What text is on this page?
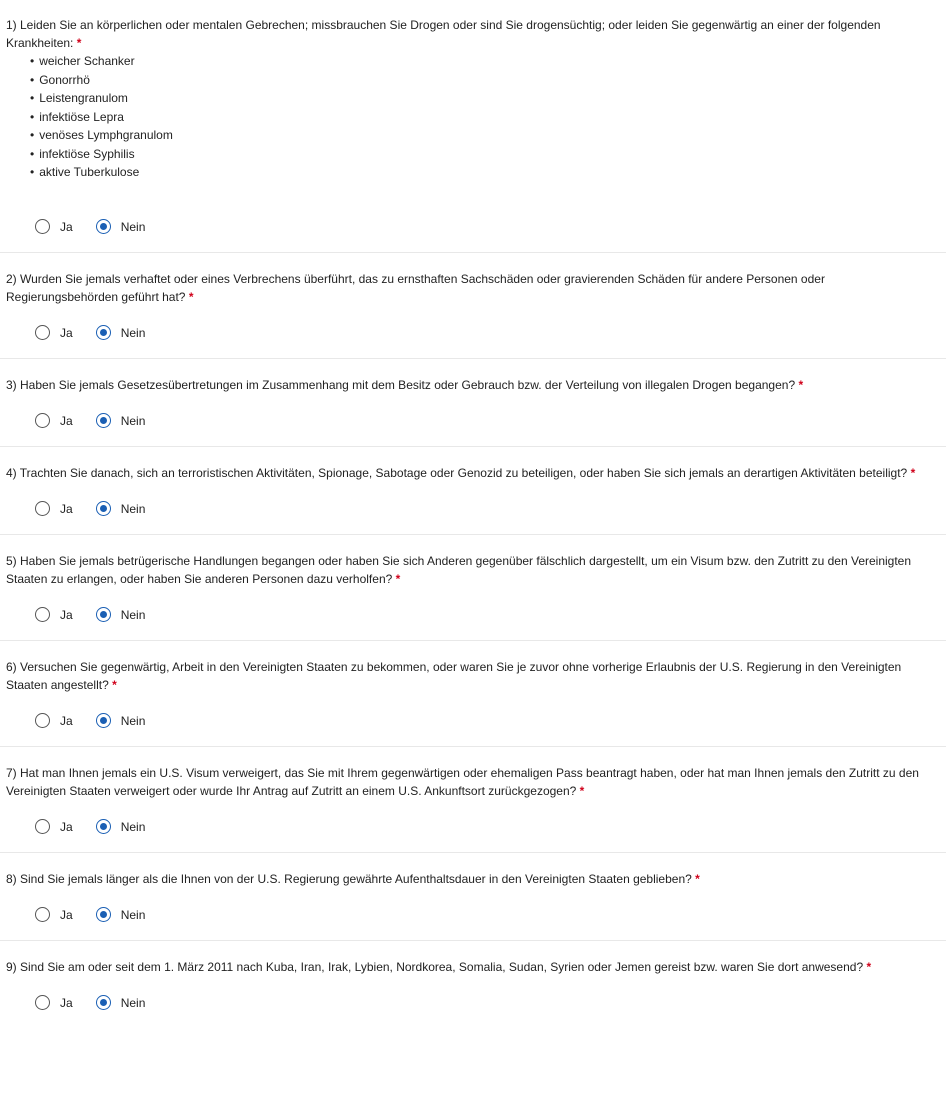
1) Leiden Sie an körperlichen oder mentalen Gebrechen; missbrauchen Sie Drogen oder sind Sie drogensüchtig; oder leiden Sie gegenwärtig an einer der folgenden Krankheiten: *

• weicher Schanker
• Gonorrhö
• Leistengranulom
• infektiöse Lepra
• venöses Lymphgranulom
• infektiöse Syphilis
• aktive Tuberkulose
Ja	Nein

2) Wurden Sie jemals verhaftet oder eines Verbrechens überführt, das zu ernsthaften Sachschäden oder gravierenden Schäden für andere Personen oder Regierungsbehörden geführt hat? *

Ja	Nein

3) Haben Sie jemals Gesetzesübertretungen im Zusammenhang mit dem Besitz oder Gebrauch bzw. der Verteilung von illegalen Drogen begangen? *

Ja	Nein

4) Trachten Sie danach, sich an terroristischen Aktivitäten, Spionage, Sabotage oder Genozid zu beteiligen, oder haben Sie sich jemals an derartigen Aktivitäten beteiligt? *

Ja	Nein

5) Haben Sie jemals betrügerische Handlungen begangen oder haben Sie sich Anderen gegenüber fälschlich dargestellt, um ein Visum bzw. den Zutritt zu den Vereinigten Staaten zu erlangen, oder haben Sie anderen Personen dazu verholfen? *

Ja	Nein

6) Versuchen Sie gegenwärtig, Arbeit in den Vereinigten Staaten zu bekommen, oder waren Sie je zuvor ohne vorherige Erlaubnis der U.S. Regierung in den Vereinigten Staaten angestellt? *

Ja	Nein

7) Hat man Ihnen jemals ein U.S. Visum verweigert, das Sie mit Ihrem gegenwärtigen oder ehemaligen Pass beantragt haben, oder hat man Ihnen jemals den Zutritt zu den Vereinigten Staaten verweigert oder wurde Ihr Antrag auf Zutritt an einem U.S. Ankunftsort zurückgezogen? *

Ja	Nein

8) Sind Sie jemals länger als die Ihnen von der U.S. Regierung gewährte Aufenthaltsdauer in den Vereinigten Staaten geblieben? *

Ja	Nein

9) Sind Sie am oder seit dem 1. März 2011 nach Kuba, Iran, Irak, Lybien, Nordkorea, Somalia, Sudan, Syrien oder Jemen gereist bzw. waren Sie dort anwesend? *

Ja	Nein
